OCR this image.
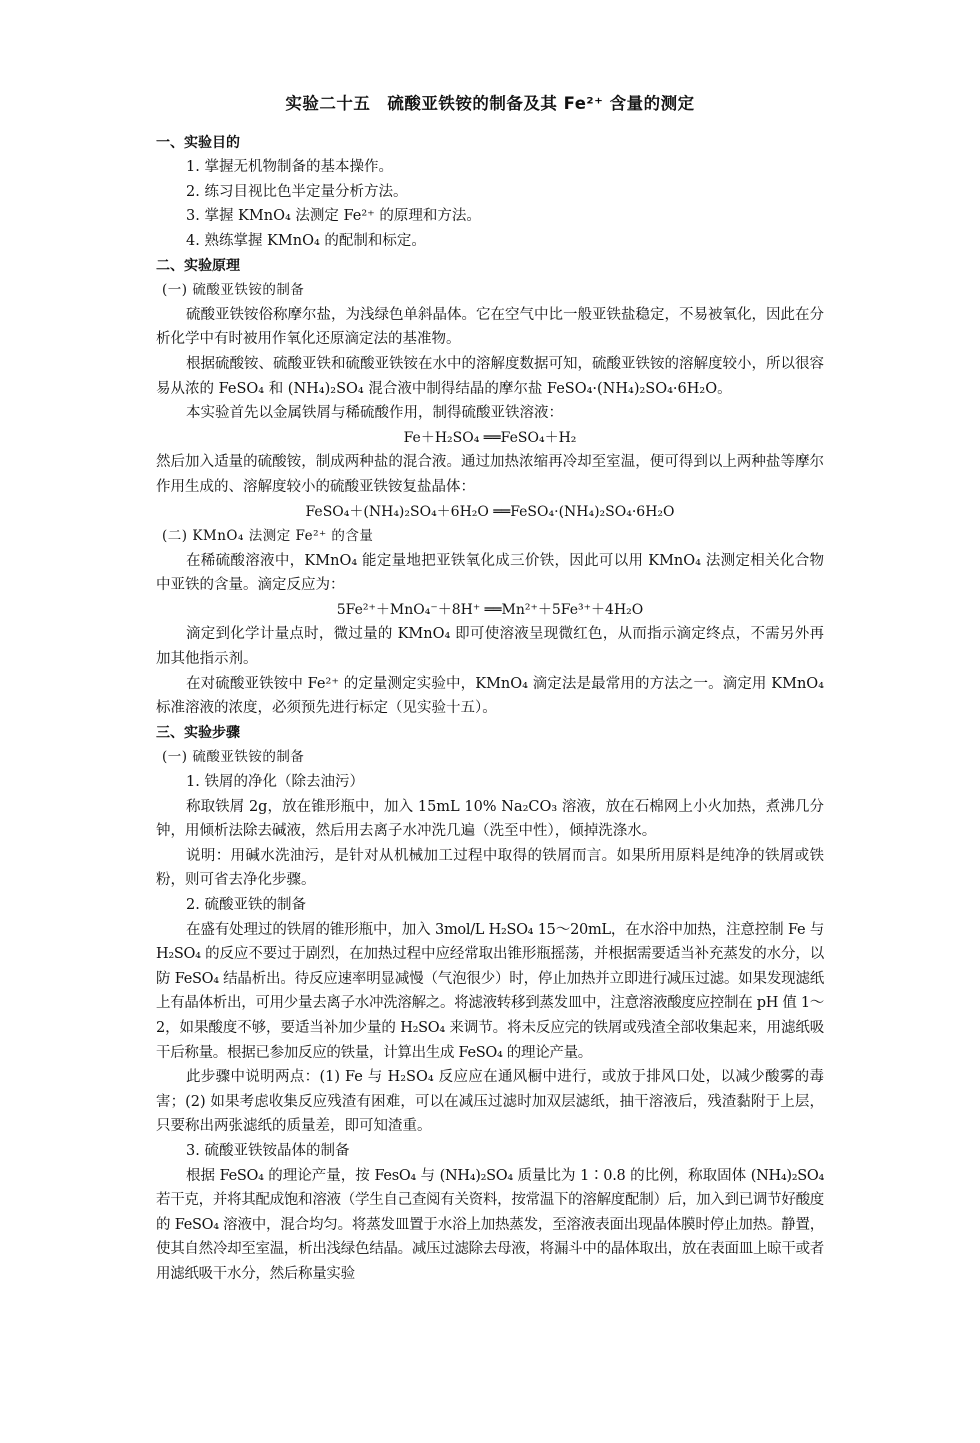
实验二十五　硫酸亚铁铵的制备及其 Fe²⁺ 含量的测定
一、实验目的
1. 掌握无机物制备的基本操作。
2. 练习目视比色半定量分析方法。
3. 掌握 KMnO₄ 法测定 Fe²⁺ 的原理和方法。
4. 熟练掌握 KMnO₄ 的配制和标定。
二、实验原理
(一) 硫酸亚铁铵的制备

硫酸亚铁铵俗称摩尔盐，为浅绿色单斜晶体。它在空气中比一般亚铁盐稳定，不易被氧化，因此在分析化学中有时被用作氧化还原滴定法的基准物。

根据硫酸铵、硫酸亚铁和硫酸亚铁铵在水中的溶解度数据可知，硫酸亚铁铵的溶解度较小，所以很容易从浓的 FeSO₄ 和 (NH₄)₂SO₄ 混合液中制得结晶的摩尔盐 FeSO₄·(NH₄)₂SO₄·6H₂O。

本实验首先以金属铁屑与稀硫酸作用，制得硫酸亚铁溶液：

Fe＋H₂SO₄ ══FeSO₄＋H₂

然后加入适量的硫酸铵，制成两种盐的混合液。通过加热浓缩再冷却至室温，便可得到以上两种盐等摩尔作用生成的、溶解度较小的硫酸亚铁铵复盐晶体：

FeSO₄＋(NH₄)₂SO₄＋6H₂O ══FeSO₄·(NH₄)₂SO₄·6H₂O
(二) KMnO₄ 法测定 Fe²⁺ 的含量

在稀硫酸溶液中，KMnO₄ 能定量地把亚铁氧化成三价铁，因此可以用 KMnO₄ 法测定相关化合物中亚铁的含量。滴定反应为：

5Fe²⁺＋MnO₄⁻＋8H⁺ ══Mn²⁺＋5Fe³⁺＋4H₂O

滴定到化学计量点时，微过量的 KMnO₄ 即可使溶液呈现微红色，从而指示滴定终点，不需另外再加其他指示剂。

在对硫酸亚铁铵中 Fe²⁺ 的定量测定实验中，KMnO₄ 滴定法是最常用的方法之一。滴定用 KMnO₄ 标准溶液的浓度，必须预先进行标定（见实验十五）。

三、实验步骤
(一) 硫酸亚铁铵的制备
1. 铁屑的净化（除去油污）

称取铁屑 2g，放在锥形瓶中，加入 15mL 10% Na₂CO₃ 溶液，放在石棉网上小火加热，煮沸几分钟，用倾析法除去碱液，然后用去离子水冲洗几遍（洗至中性），倾掉洗涤水。

说明：用碱水洗油污，是针对从机械加工过程中取得的铁屑而言。如果所用原料是纯净的铁屑或铁粉，则可省去净化步骤。

2. 硫酸亚铁的制备

在盛有处理过的铁屑的锥形瓶中，加入 3mol/L H₂SO₄ 15～20mL，在水浴中加热，注意控制 Fe 与 H₂SO₄ 的反应不要过于剧烈，在加热过程中应经常取出锥形瓶摇荡，并根据需要适当补充蒸发的水分，以防 FeSO₄ 结晶析出。待反应速率明显减慢（气泡很少）时，停止加热并立即进行减压过滤。如果发现滤纸上有晶体析出，可用少量去离子水冲洗溶解之。将滤液转移到蒸发皿中，注意溶液酸度应控制在 pH 值 1～2，如果酸度不够，要适当补加少量的 H₂SO₄ 来调节。将未反应完的铁屑或残渣全部收集起来，用滤纸吸干后称量。根据已参加反应的铁量，计算出生成 FeSO₄ 的理论产量。

此步骤中说明两点：(1) Fe 与 H₂SO₄ 反应应在通风橱中进行，或放于排风口处，以减少酸雾的毒害；(2) 如果考虑收集反应残渣有困难，可以在减压过滤时加双层滤纸，抽干溶液后，残渣黏附于上层，只要称出两张滤纸的质量差，即可知渣重。

3. 硫酸亚铁铵晶体的制备

根据 FeSO₄ 的理论产量，按 FesO₄ 与 (NH₄)₂SO₄ 质量比为 1∶0.8 的比例，称取固体 (NH₄)₂SO₄ 若干克，并将其配成饱和溶液（学生自己查阅有关资料，按常温下的溶解度配制）后，加入到已调节好酸度的 FeSO₄ 溶液中，混合均匀。将蒸发皿置于水浴上加热蒸发，至溶液表面出现晶体膜时停止加热。静置，使其自然冷却至室温，析出浅绿色结晶。减压过滤除去母液，将漏斗中的晶体取出，放在表面皿上晾干或者用滤纸吸干水分，然后称量实验
